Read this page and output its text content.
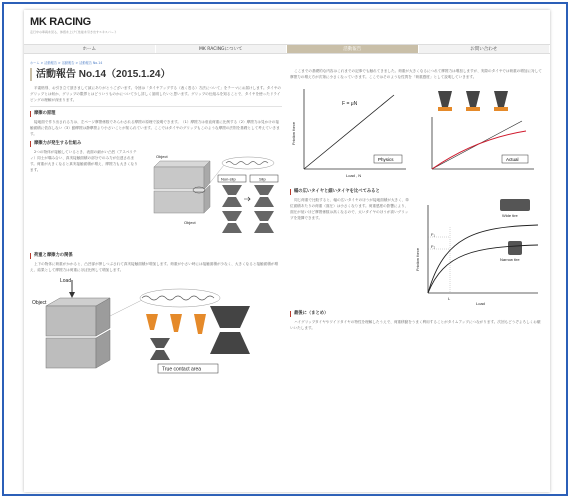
MK RACING
走行中の車両を見る、体感を上げて性能を引き出すエキスパート
ホーム	MK RACINGについて	活動報告	お問い合わせ
ホーム > 活動報告 > 活動報告 > 活動報告 No.14
活動報告 No.14（2015.1.24）
平素格別、お引き立て頂きまして誠にありがとうございます。今回は「タイヤアップする（表く巻る）方法について」をテーマにお届けします。タイヤのグリップとは何か、グリップの限界とはどういうものかについて少し詳しく説明したいと思います。グリップの仕組みを知ることで、タイヤを使ったドライビングの理解が深まります。
摩擦の原理
接地面で作り出される力は、左ページ摩擦係数であらわされる摩擦の原理で説明できます。（1）摩擦力は垂直荷重に比例する（2）摩擦力は見かけの接触面積に依存しない（3）動摩擦は静摩擦より小さいことが知られています。ここではタイヤのグリップもこのような摩擦の法則を基礎として考えていきます。
摩擦力が発生する仕組み
2つの物体が接触しているとき、表面の細かい凸凹（アスペリティ）同士が噛み合い、真実接触面積の部分でのみ力が伝達されます。荷重が大きくなると真実接触面積が増え、摩擦力も大きくなります。
Object
Object
Non-slip	Slip
荷重と摩擦力の関係
上下の物体に荷重がかかると、凸凹部が押しつぶされて真実接触面積が増加します。荷重が小さい時には接触面積が少なく、大きくなると接触面積が増え、結果として摩擦力は荷重にほぼ比例して増加します。
Load
Object
True contact area
ここまでの基礎的な内容はこれまでの記事でも触れてきました。荷重が大きくなるにつれて摩擦力は増加しますが、実際のタイヤでは荷重の増加に対して摩擦力の増え方が次第に小さくなっていきます。ここではそのような性質を「荷重感度」として説明していきます。
Friction force
Load , N
F = μN
Physics	Actual
幅の広いタイヤと細いタイヤを比べてみると
同じ荷重で比較すると、幅の広いタイヤのほうが接地面積が大きく、単位面積あたりの荷重（面圧）は小さくなります。荷重感度の影響により、面圧が低いほど摩擦係数は高くなるので、太いタイヤのほうが高いグリップを発揮できます。	Wide tire
Narrow tire
F₁
F₂
L
Friction force
Load
最後に（まとめ）
ハイグリップタイヤやワイドタイヤの特性を理解したうえで、荷重移動をうまく利用することがタイムアップにつながります。次回もどうぞよろしくお願いいたします。
